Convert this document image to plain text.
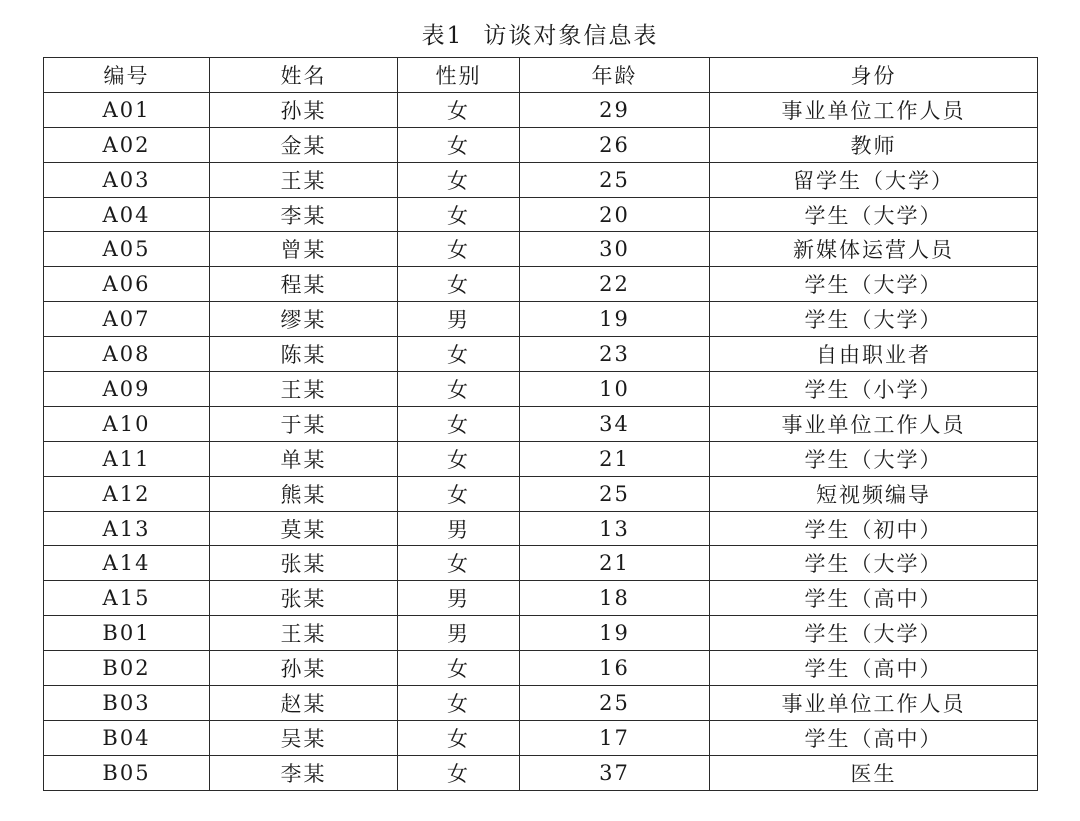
表1 访谈对象信息表
编号	姓名	性别	年龄	身份
A01	孙某	女	29	事业单位工作人员
A02	金某	女	26	教师
A03	王某	女	25	留学生（大学）
A04	李某	女	20	学生（大学）
A05	曾某	女	30	新媒体运营人员
A06	程某	女	22	学生（大学）
A07	缪某	男	19	学生（大学）
A08	陈某	女	23	自由职业者
A09	王某	女	10	学生（小学）
A10	于某	女	34	事业单位工作人员
A11	单某	女	21	学生（大学）
A12	熊某	女	25	短视频编导
A13	莫某	男	13	学生（初中）
A14	张某	女	21	学生（大学）
A15	张某	男	18	学生（高中）
B01	王某	男	19	学生（大学）
B02	孙某	女	16	学生（高中）
B03	赵某	女	25	事业单位工作人员
B04	吴某	女	17	学生（高中）
B05	李某	女	37	医生
